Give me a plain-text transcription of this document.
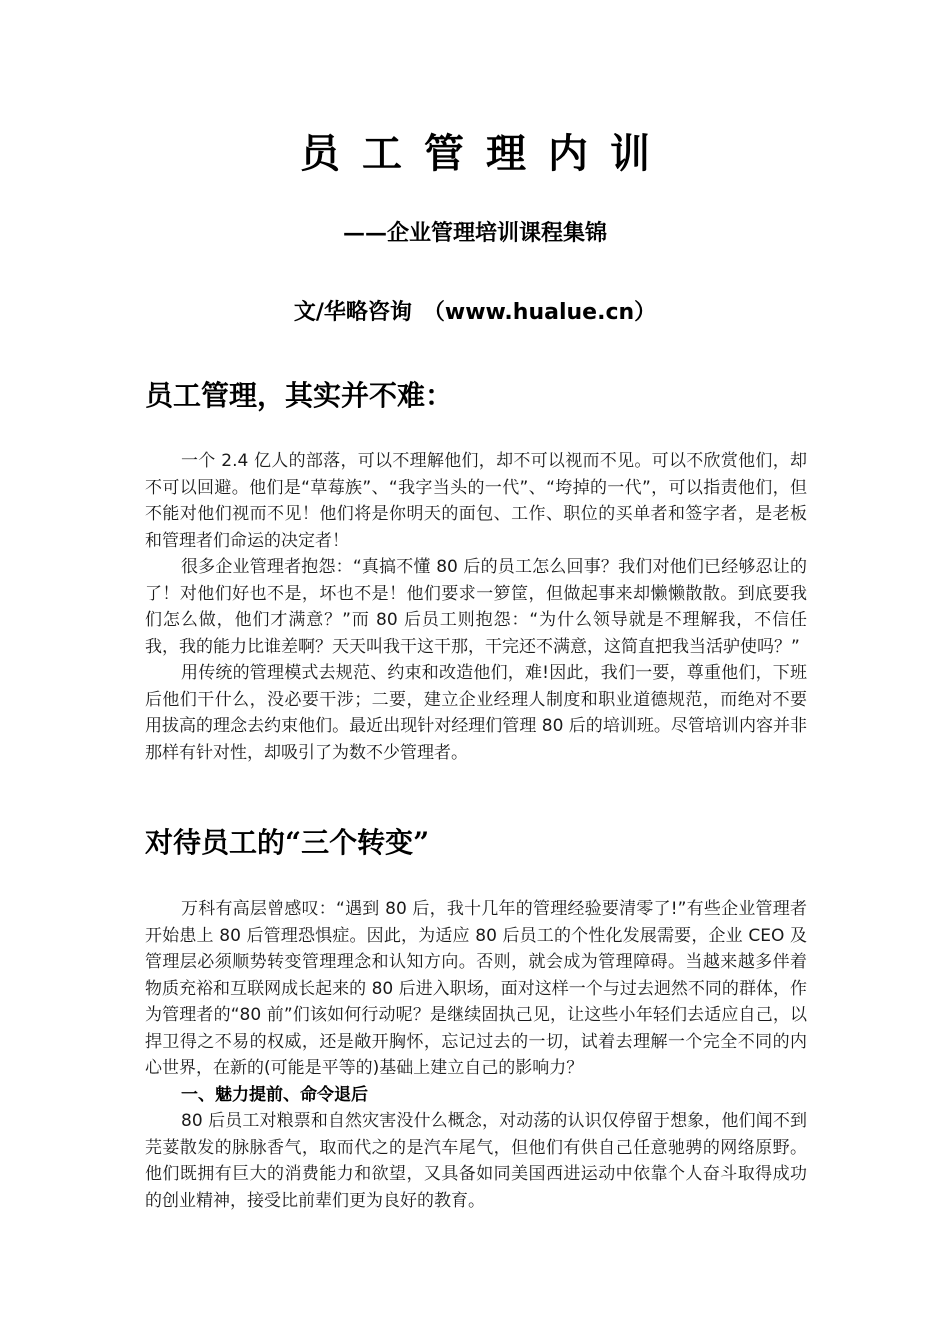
员工管理内训
——企业管理培训课程集锦
文/华略咨询　（www.hualue.cn）
员工管理，其实并不难：

一个 2.4 亿人的部落，可以不理解他们，却不可以视而不见。可以不欣赏他们，却不可以回避。他们是“草莓族”、“我字当头的一代”、“垮掉的一代”，可以指责他们，但不能对他们视而不见！他们将是你明天的面包、工作、职位的买单者和签字者，是老板和管理者们命运的决定者！

很多企业管理者抱怨：“真搞不懂 80 后的员工怎么回事？我们对他们已经够忍让的了！对他们好也不是，坏也不是！他们要求一箩筐，但做起事来却懒懒散散。到底要我们怎么做，他们才满意？”而 80 后员工则抱怨：“为什么领导就是不理解我，不信任我，我的能力比谁差啊？天天叫我干这干那，干完还不满意，这简直把我当活驴使吗？”

用传统的管理模式去规范、约束和改造他们，难!因此，我们一要，尊重他们，下班后他们干什么，没必要干涉；二要，建立企业经理人制度和职业道德规范，而绝对不要用拔高的理念去约束他们。最近出现针对经理们管理 80 后的培训班。尽管培训内容并非那样有针对性，却吸引了为数不少管理者。

对待员工的“三个转变”

万科有高层曾感叹：“遇到 80 后，我十几年的管理经验要清零了!”有些企业管理者开始患上 80 后管理恐惧症。因此，为适应 80 后员工的个性化发展需要，企业 CEO 及管理层必须顺势转变管理理念和认知方向。否则，就会成为管理障碍。当越来越多伴着物质充裕和互联网成长起来的 80 后进入职场，面对这样一个与过去迥然不同的群体，作为管理者的“80 前”们该如何行动呢？是继续固执己见，让这些小年轻们去适应自己，以捍卫得之不易的权威，还是敞开胸怀，忘记过去的一切，试着去理解一个完全不同的内心世界，在新的(可能是平等的)基础上建立自己的影响力？

一、魅力提前、命令退后

80 后员工对粮票和自然灾害没什么概念，对动荡的认识仅停留于想象，他们闻不到芫荽散发的脉脉香气，取而代之的是汽车尾气，但他们有供自己任意驰骋的网络原野。他们既拥有巨大的消费能力和欲望，又具备如同美国西进运动中依靠个人奋斗取得成功的创业精神，接受比前辈们更为良好的教育。
